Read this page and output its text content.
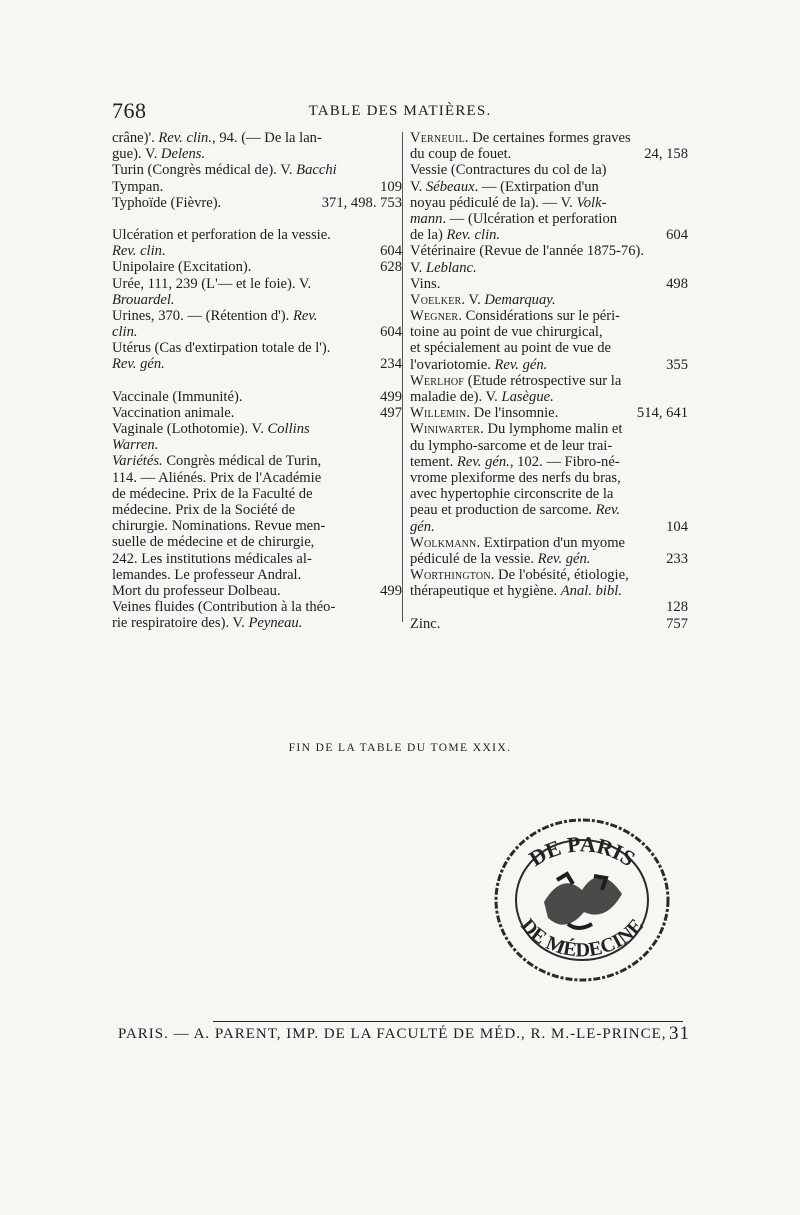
768	TABLE DES MATIÈRES.
crâne)'. Rev. clin., 94. (— De la lan-
gue). V. Delens.
Turin (Congrès médical de). V. Bacchi
Tympan.	109
Typhoïde (Fièvre).	371, 498. 753
Ulcération et perforation de la vessie.
Rev. clin.	604
Unipolaire (Excitation).	628
Urée, 111, 239 (L'— et le foie). V.
Brouardel.
Urines, 370. — (Rétention d'). Rev.
clin.	604
Utérus (Cas d'extirpation totale de l').
Rev. gén.	234
Vaccinale (Immunité).	499
Vaccination animale.	497
Vaginale (Lothotomie). V. Collins
Warren.
Variétés. Congrès médical de Turin,
114. — Aliénés. Prix de l'Académie
de médecine. Prix de la Faculté de
médecine. Prix de la Société de
chirurgie. Nominations. Revue men-
suelle de médecine et de chirurgie,
242. Les institutions médicales al-
lemandes. Le professeur Andral.
Mort du professeur Dolbeau.	499
Veines fluides (Contribution à la théo-
rie respiratoire des). V. Peyneau.
Verneuil. De certaines formes graves
du coup de fouet.	24, 158
Vessie (Contractures du col de la)
V. Sébeaux. — (Extirpation d'un
noyau pédiculé de la). — V. Volk-
mann. — (Ulcération et perforation
de la) Rev. clin.	604
Vétérinaire (Revue de l'année 1875-76).
V. Leblanc.
Vins.	498
Voelker. V. Demarquay.
Wegner. Considérations sur le péri-
toine au point de vue chirurgical,
et spécialement au point de vue de
l'ovariotomie. Rev. gén.	355
Werlhof (Etude rétrospective sur la
maladie de). V. Lasègue.
Willemin. De l'insomnie.	514, 641
Winiwarter. Du lymphome malin et
du lympho-sarcome et de leur trai-
tement. Rev. gén., 102. — Fibro-né-
vrome plexiforme des nerfs du bras,
avec hypertophie circonscrite de la
peau et production de sarcome. Rev.
gén.	104
Wolkmann. Extirpation d'un myome
pédiculé de la vessie. Rev. gén.	233
Worthington. De l'obésité, étiologie,
thérapeutique et hygiène. Anal. bibl.
128
Zinc.	757
FIN DE LA TABLE DU TOME XXIX.
DE PARIS
DE MÉDECINE
PARIS. — A. PARENT, IMP. DE LA FACULTÉ DE MÉD., R. M.-LE-PRINCE, 31
